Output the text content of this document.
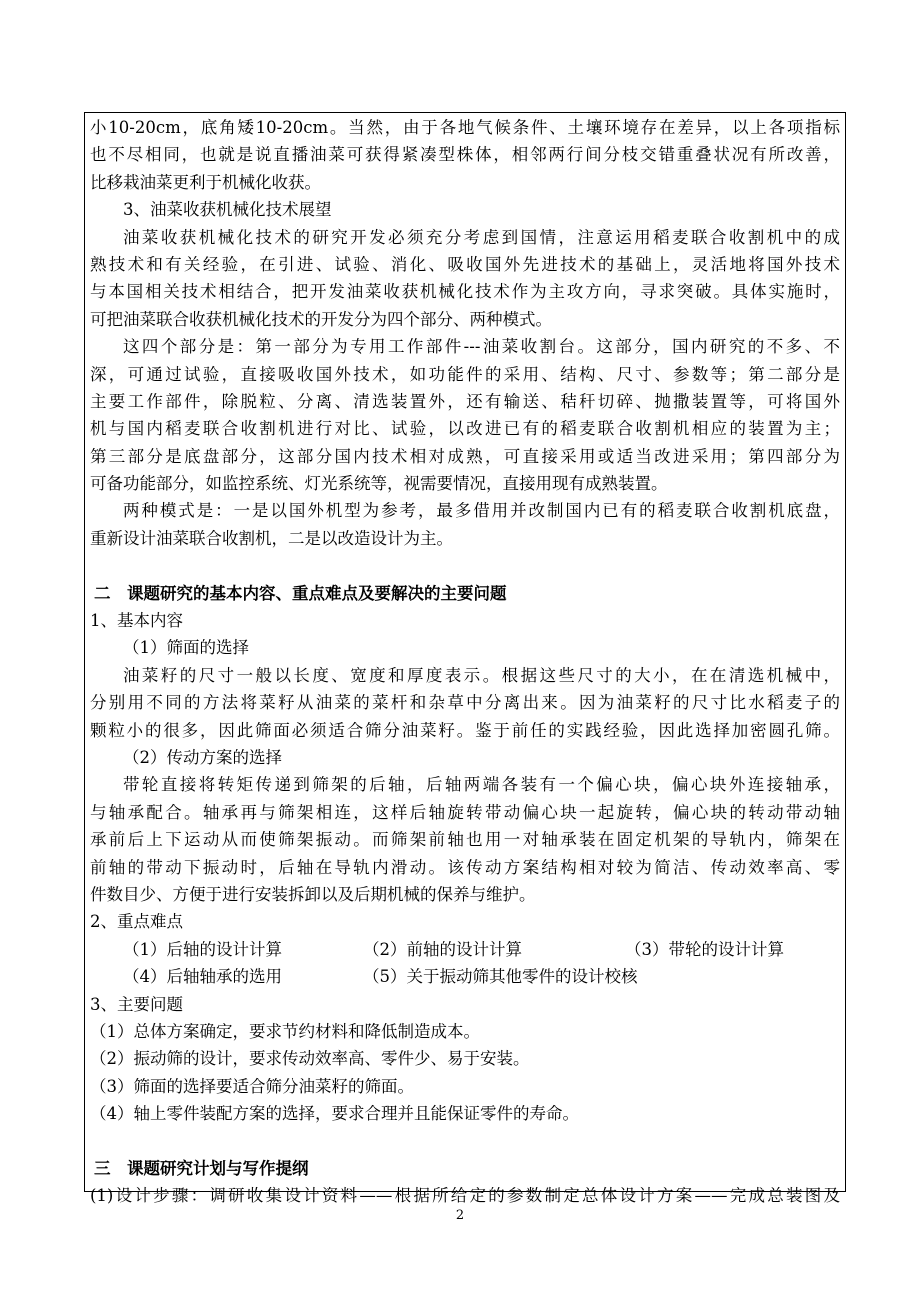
小10-20cm，底角矮10-20cm。当然，由于各地气候条件、土壤环境存在差异，以上各项指标
也不尽相同，也就是说直播油菜可获得紧凑型株体，相邻两行间分枝交错重叠状况有所改善，
比移栽油菜更利于机械化收获。
3、油菜收获机械化技术展望
油菜收获机械化技术的研究开发必须充分考虑到国情，注意运用稻麦联合收割机中的成
熟技术和有关经验，在引进、试验、消化、吸收国外先进技术的基础上，灵活地将国外技术
与本国相关技术相结合，把开发油菜收获机械化技术作为主攻方向，寻求突破。具体实施时，
可把油菜联合收获机械化技术的开发分为四个部分、两种模式。
这四个部分是：第一部分为专用工作部件---油菜收割台。这部分，国内研究的不多、不
深，可通过试验，直接吸收国外技术，如功能件的采用、结构、尺寸、参数等；第二部分是
主要工作部件，除脱粒、分离、清选装置外，还有输送、秸秆切碎、抛撒装置等，可将国外
机与国内稻麦联合收割机进行对比、试验，以改进已有的稻麦联合收割机相应的装置为主；
第三部分是底盘部分，这部分国内技术相对成熟，可直接采用或适当改进采用；第四部分为
可备功能部分，如监控系统、灯光系统等，视需要情况，直接用现有成熟装置。
两种模式是：一是以国外机型为参考，最多借用并改制国内已有的稻麦联合收割机底盘，
重新设计油菜联合收割机，二是以改造设计为主。
二　课题研究的基本内容、重点难点及要解决的主要问题
1、基本内容
（1）筛面的选择
油菜籽的尺寸一般以长度、宽度和厚度表示。根据这些尺寸的大小，在在清选机械中，
分别用不同的方法将菜籽从油菜的菜杆和杂草中分离出来。因为油菜籽的尺寸比水稻麦子的
颗粒小的很多，因此筛面必须适合筛分油菜籽。鉴于前任的实践经验，因此选择加密圆孔筛。
（2）传动方案的选择
带轮直接将转矩传递到筛架的后轴，后轴两端各装有一个偏心块，偏心块外连接轴承，
与轴承配合。轴承再与筛架相连，这样后轴旋转带动偏心块一起旋转，偏心块的转动带动轴
承前后上下运动从而使筛架振动。而筛架前轴也用一对轴承装在固定机架的导轨内，筛架在
前轴的带动下振动时，后轴在导轨内滑动。该传动方案结构相对较为简洁、传动效率高、零
件数目少、方便于进行安装拆卸以及后期机械的保养与维护。
2、重点难点
（1）后轴的设计计算	（2）前轴的设计计算	（3）带轮的设计计算
（4）后轴轴承的选用	（5）关于振动筛其他零件的设计校核
3、主要问题
（1）总体方案确定，要求节约材料和降低制造成本。
（2）振动筛的设计，要求传动效率高、零件少、易于安装。
（3）筛面的选择要适合筛分油菜籽的筛面。
（4）轴上零件装配方案的选择，要求合理并且能保证零件的寿命。
三　课题研究计划与写作提纲
(1)设计步骤：调研收集设计资料——根据所给定的参数制定总体设计方案——完成总装图及
2
